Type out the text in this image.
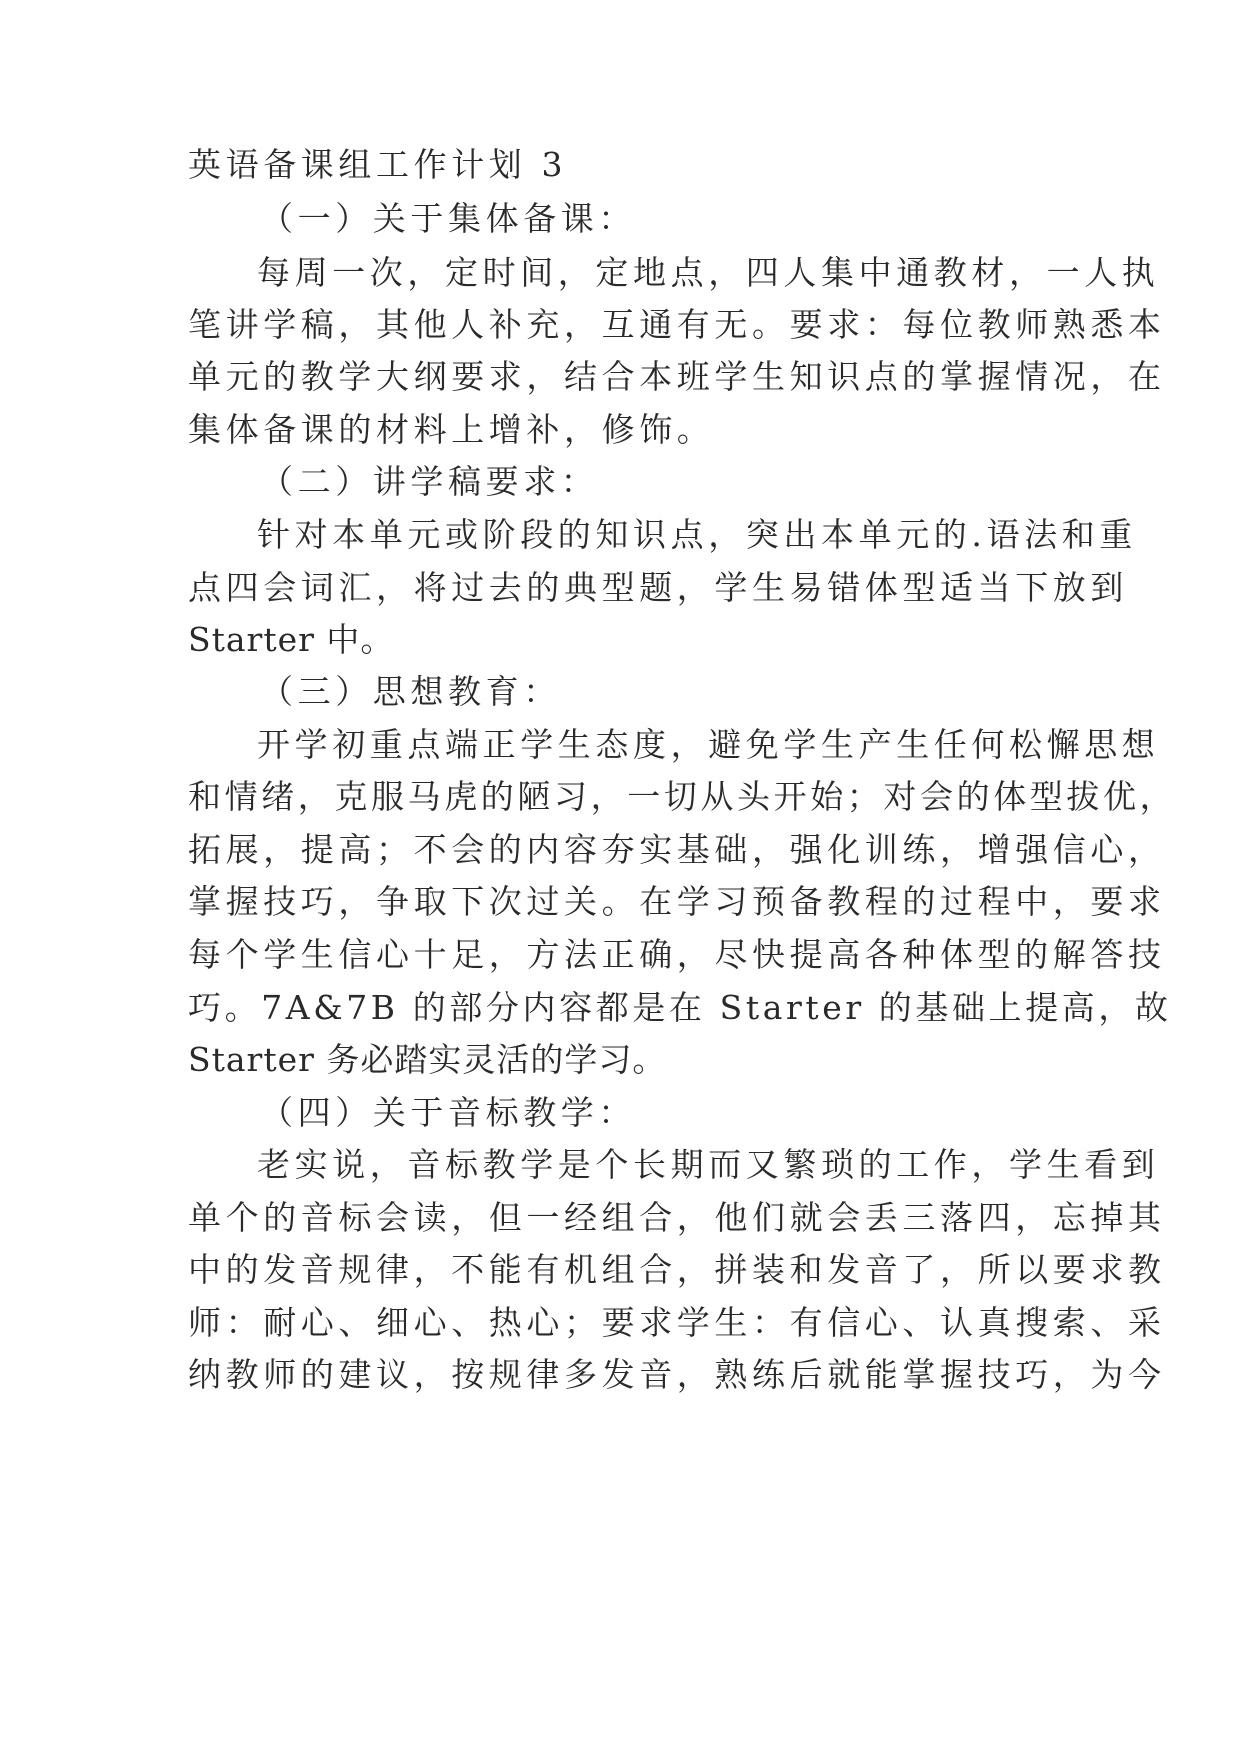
英语备课组工作计划 3
（一）关于集体备课：
每周一次，定时间，定地点，四人集中通教材，一人执
笔讲学稿，其他人补充，互通有无。要求：每位教师熟悉本
单元的教学大纲要求，结合本班学生知识点的掌握情况，在
集体备课的材料上增补，修饰。
（二）讲学稿要求：
针对本单元或阶段的知识点，突出本单元的.语法和重
点四会词汇，将过去的典型题，学生易错体型适当下放到
Starter 中。
（三）思想教育：
开学初重点端正学生态度，避免学生产生任何松懈思想
和情绪，克服马虎的陋习，一切从头开始；对会的体型拔优，
拓展，提高；不会的内容夯实基础，强化训练，增强信心，
掌握技巧，争取下次过关。在学习预备教程的过程中，要求
每个学生信心十足，方法正确，尽快提高各种体型的解答技
巧。7A&7B 的部分内容都是在 Starter 的基础上提高，故
Starter 务必踏实灵活的学习。
（四）关于音标教学：
老实说，音标教学是个长期而又繁琐的工作，学生看到
单个的音标会读，但一经组合，他们就会丢三落四，忘掉其
中的发音规律，不能有机组合，拼装和发音了，所以要求教
师：耐心、细心、热心；要求学生：有信心、认真搜索、采
纳教师的建议，按规律多发音，熟练后就能掌握技巧，为今
